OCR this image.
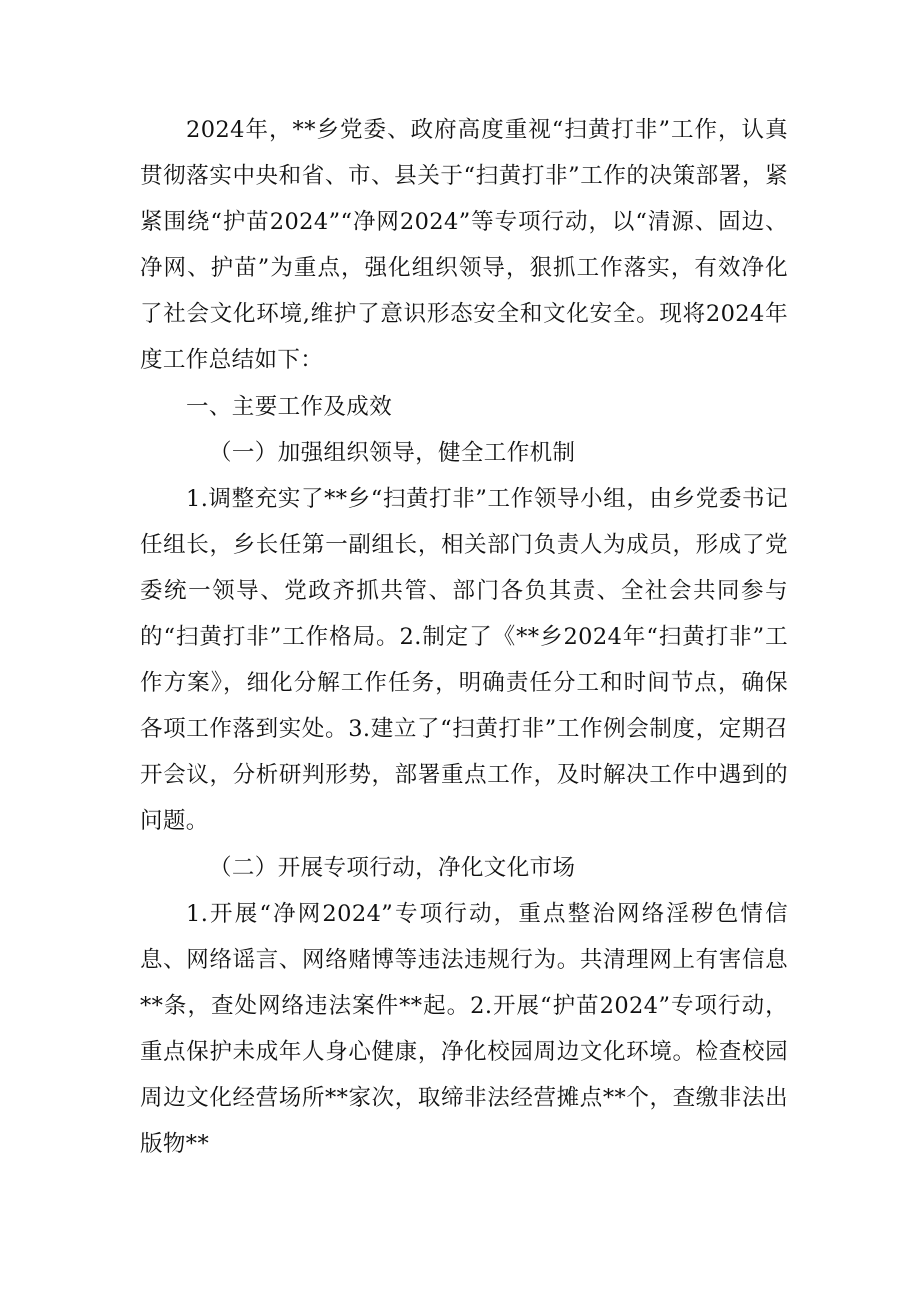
2024年，**乡党委、政府高度重视“扫黄打非”工作，认真贯彻落实中央和省、市、县关于“扫黄打非”工作的决策部署，紧紧围绕“护苗2024”“净网2024”等专项行动，以“清源、固边、净网、护苗”为重点，强化组织领导，狠抓工作落实，有效净化了社会文化环境,维护了意识形态安全和文化安全。现将2024年度工作总结如下：

一、主要工作及成效

（一）加强组织领导，健全工作机制

1.调整充实了**乡“扫黄打非”工作领导小组，由乡党委书记任组长，乡长任第一副组长，相关部门负责人为成员，形成了党委统一领导、党政齐抓共管、部门各负其责、全社会共同参与的“扫黄打非”工作格局。2.制定了《**乡2024年“扫黄打非”工作方案》，细化分解工作任务，明确责任分工和时间节点，确保各项工作落到实处。3.建立了“扫黄打非”工作例会制度，定期召开会议，分析研判形势，部署重点工作，及时解决工作中遇到的问题。

（二）开展专项行动，净化文化市场

1.开展“净网2024”专项行动，重点整治网络淫秽色情信息、网络谣言、网络赌博等违法违规行为。共清理网上有害信息**条，查处网络违法案件**起。2.开展“护苗2024”专项行动，重点保护未成年人身心健康，净化校园周边文化环境。检查校园周边文化经营场所**家次，取缔非法经营摊点**个，查缴非法出版物**
